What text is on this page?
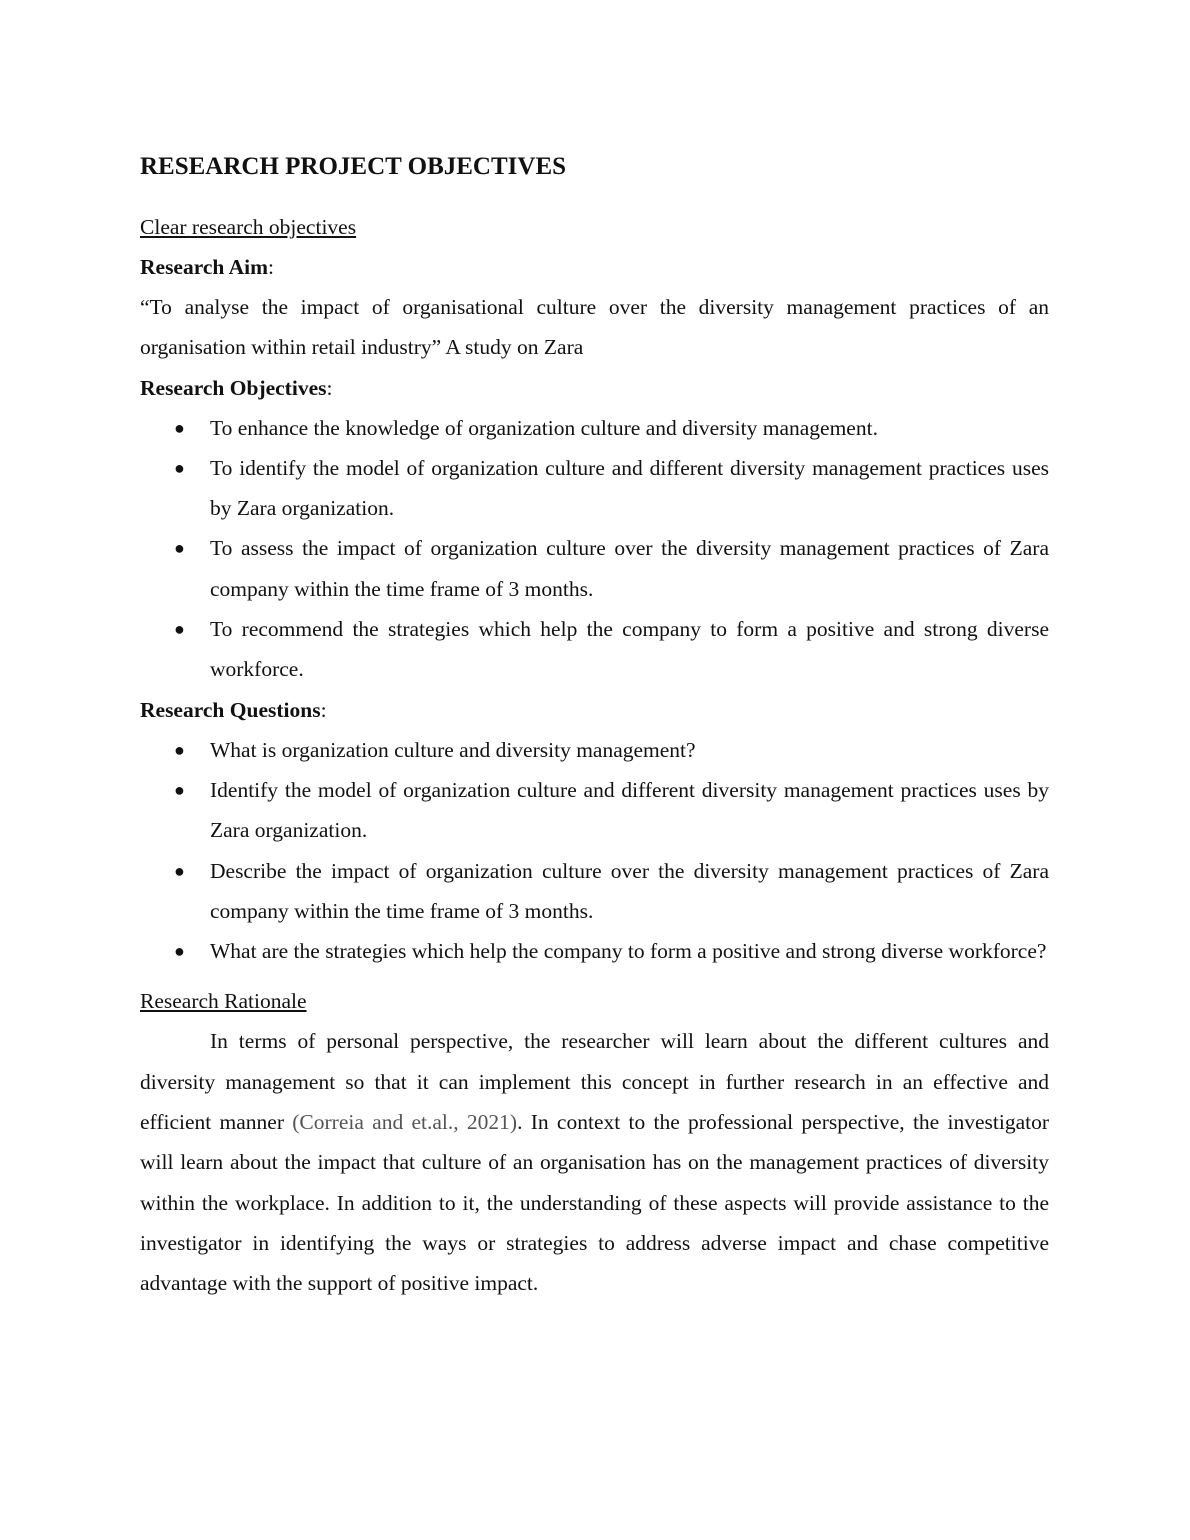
RESEARCH PROJECT OBJECTIVES

Clear research objectives

Research Aim:

“To analyse the impact of organisational culture over the diversity management practices of an organisation within retail industry” A study on Zara

Research Objectives:

●	To enhance the knowledge of organization culture and diversity management.
●	To identify the model of organization culture and different diversity management practices uses by Zara organization.
●	To assess the impact of organization culture over the diversity management practices of Zara company within the time frame of 3 months.
●	To recommend the strategies which help the company to form a positive and strong diverse workforce.

Research Questions:

●	What is organization culture and diversity management?
●	Identify the model of organization culture and different diversity management practices uses by Zara organization.
●	Describe the impact of organization culture over the diversity management practices of Zara company within the time frame of 3 months.
●	What are the strategies which help the company to form a positive and strong diverse workforce?

Research Rationale

In terms of personal perspective, the researcher will learn about the different cultures and diversity management so that it can implement this concept in further research in an effective and efficient manner (Correia and et.al., 2021). In context to the professional perspective, the investigator will learn about the impact that culture of an organisation has on the management practices of diversity within the workplace. In addition to it, the understanding of these aspects will provide assistance to the investigator in identifying the ways or strategies to address adverse impact and chase competitive advantage with the support of positive impact.
